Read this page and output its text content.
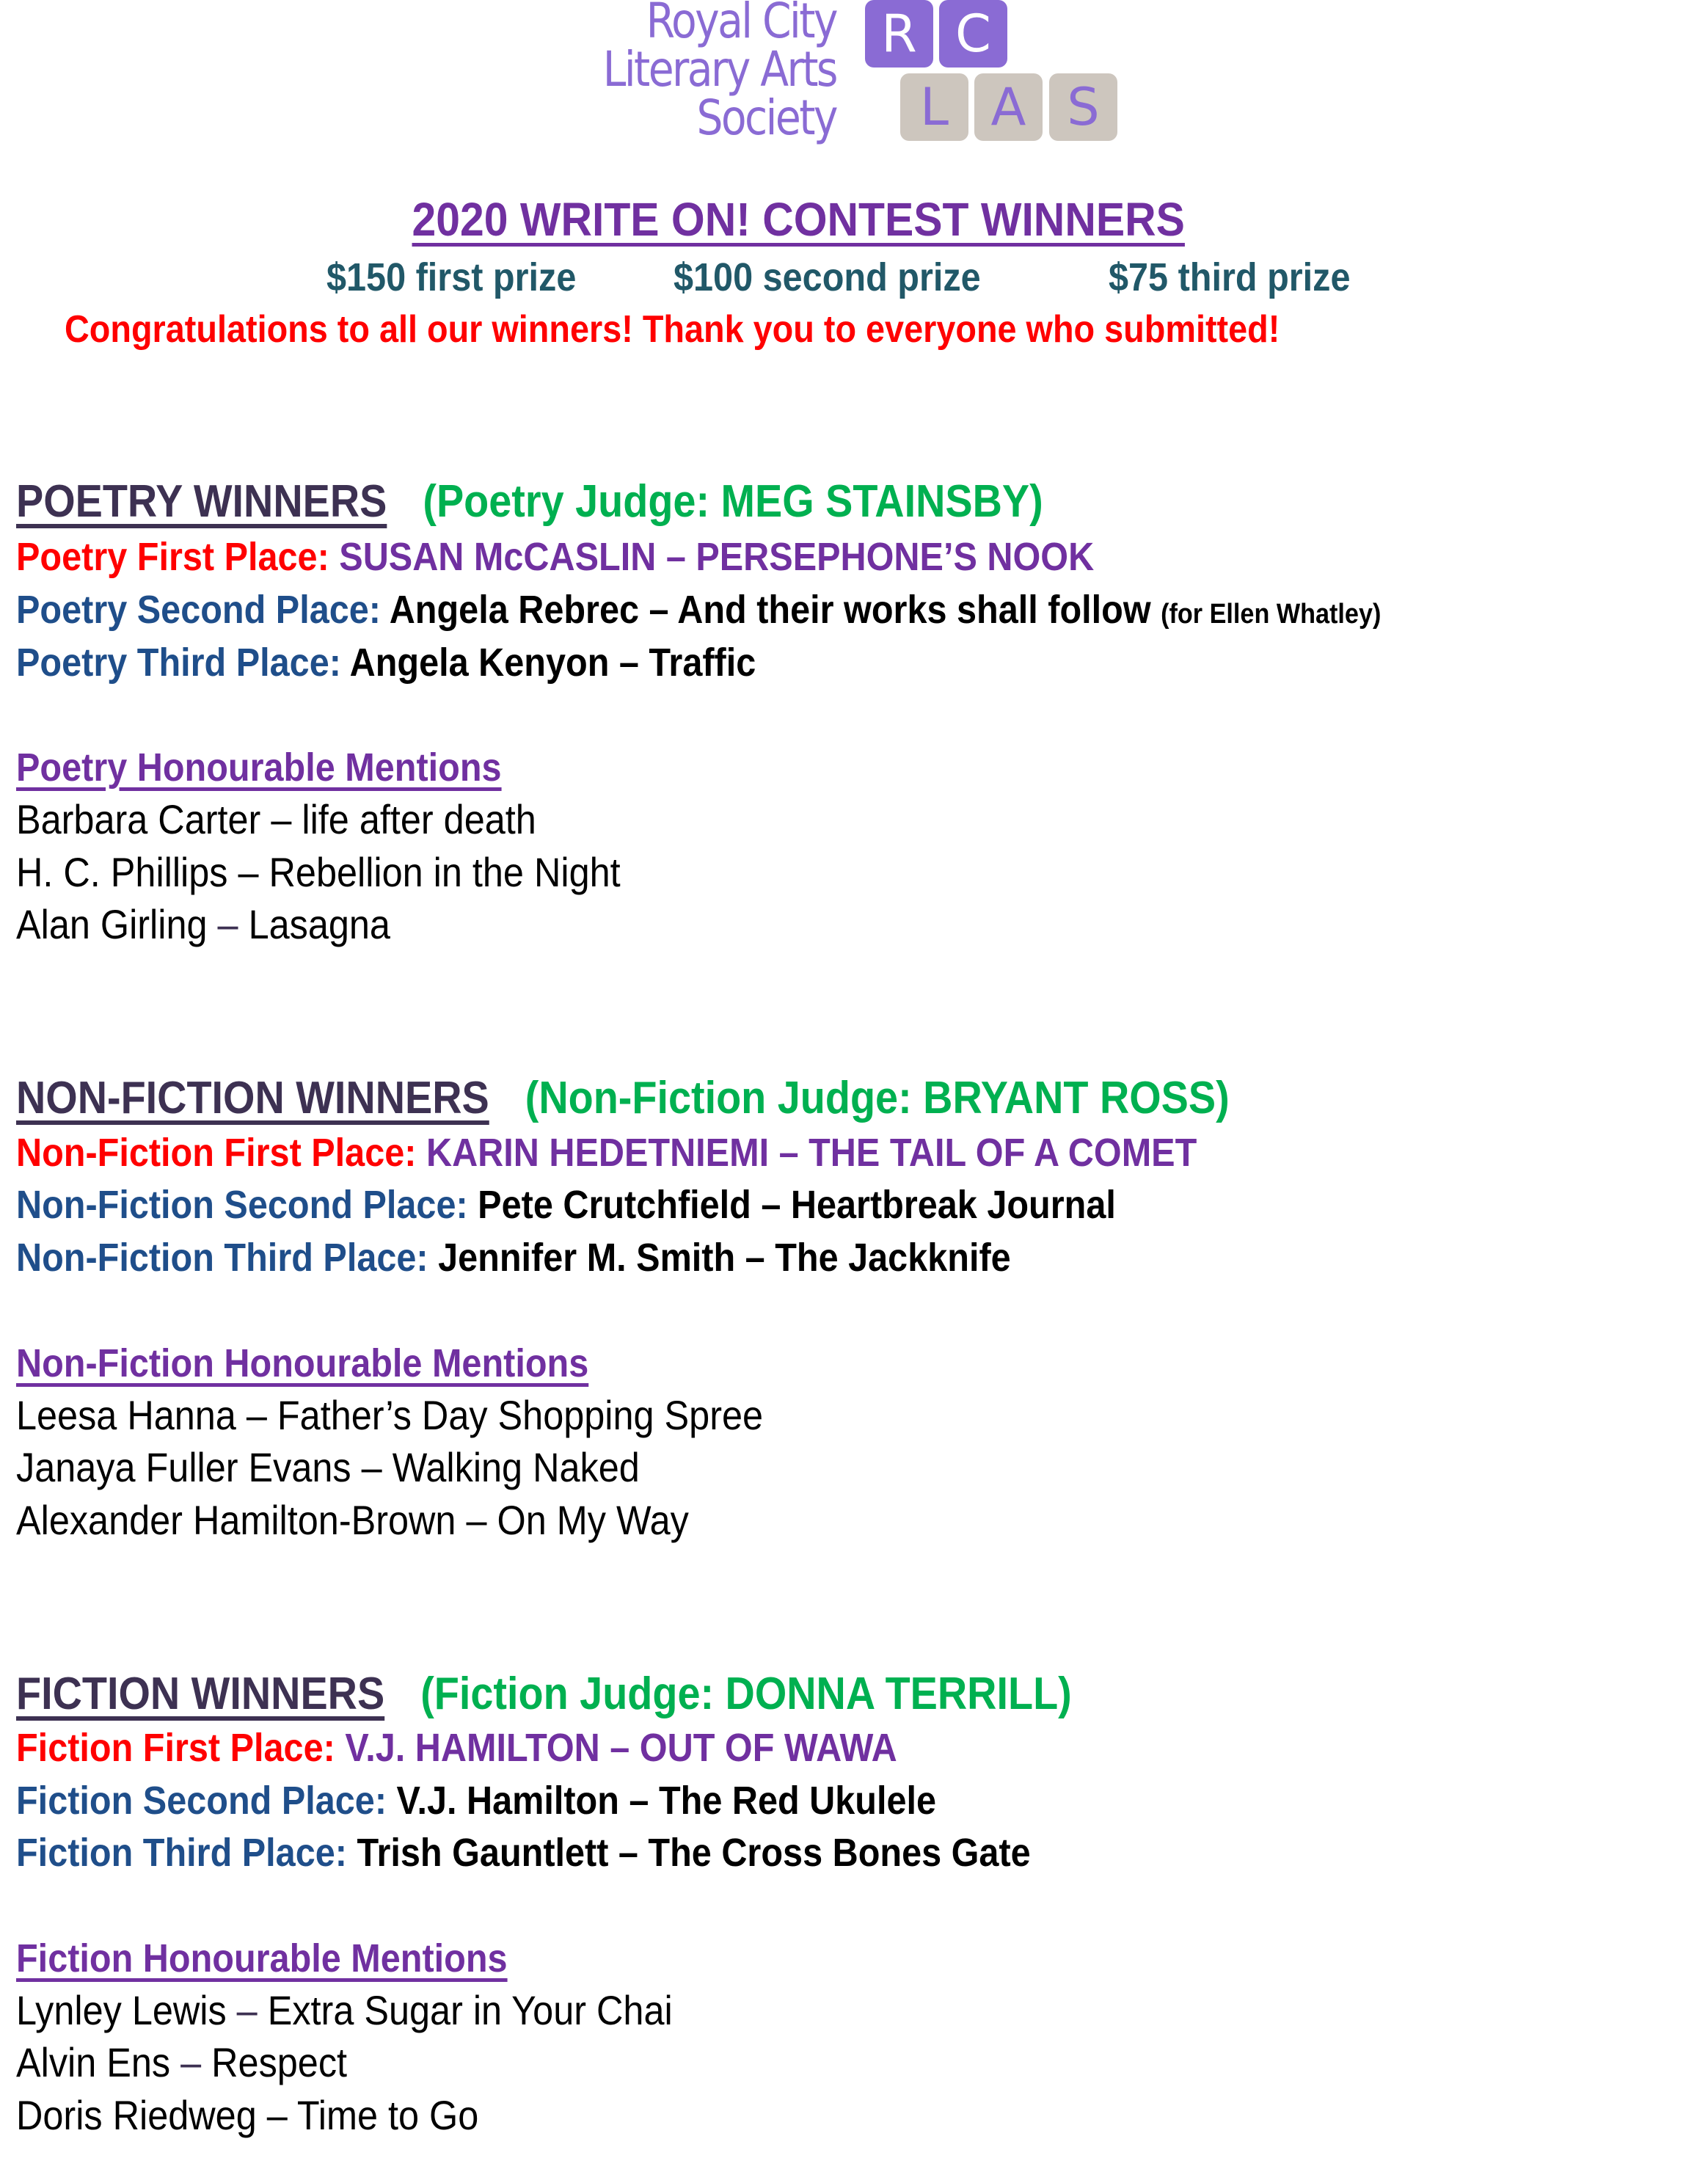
Royal City
Literary Arts
Society
R C
L A S
2020 WRITE ON! CONTEST WINNERS
$150 first prize $100 second prize	$75 third prize
Congratulations to all our winners! Thank you to everyone who submitted!
POETRY WINNERS (Poetry Judge: MEG STAINSBY)
Poetry First Place: SUSAN McCASLIN – PERSEPHONE’S NOOK
Poetry Second Place: Angela Rebrec – And their works shall follow (for Ellen Whatley)
Poetry Third Place: Angela Kenyon – Traffic
Poetry Honourable Mentions
Barbara Carter – life after death
H. C. Phillips – Rebellion in the Night
Alan Girling – Lasagna
NON-FICTION WINNERS (Non-Fiction Judge: BRYANT ROSS)
Non-Fiction First Place: KARIN HEDETNIEMI – THE TAIL OF A COMET
Non-Fiction Second Place: Pete Crutchfield – Heartbreak Journal
Non-Fiction Third Place: Jennifer M. Smith – The Jackknife
Non-Fiction Honourable Mentions
Leesa Hanna – Father’s Day Shopping Spree
Janaya Fuller Evans – Walking Naked
Alexander Hamilton-Brown – On My Way
FICTION WINNERS (Fiction Judge: DONNA TERRILL)
Fiction First Place: V.J. HAMILTON – OUT OF WAWA
Fiction Second Place: V.J. Hamilton – The Red Ukulele
Fiction Third Place: Trish Gauntlett – The Cross Bones Gate
Fiction Honourable Mentions
Lynley Lewis – Extra Sugar in Your Chai
Alvin Ens – Respect
Doris Riedweg – Time to Go
